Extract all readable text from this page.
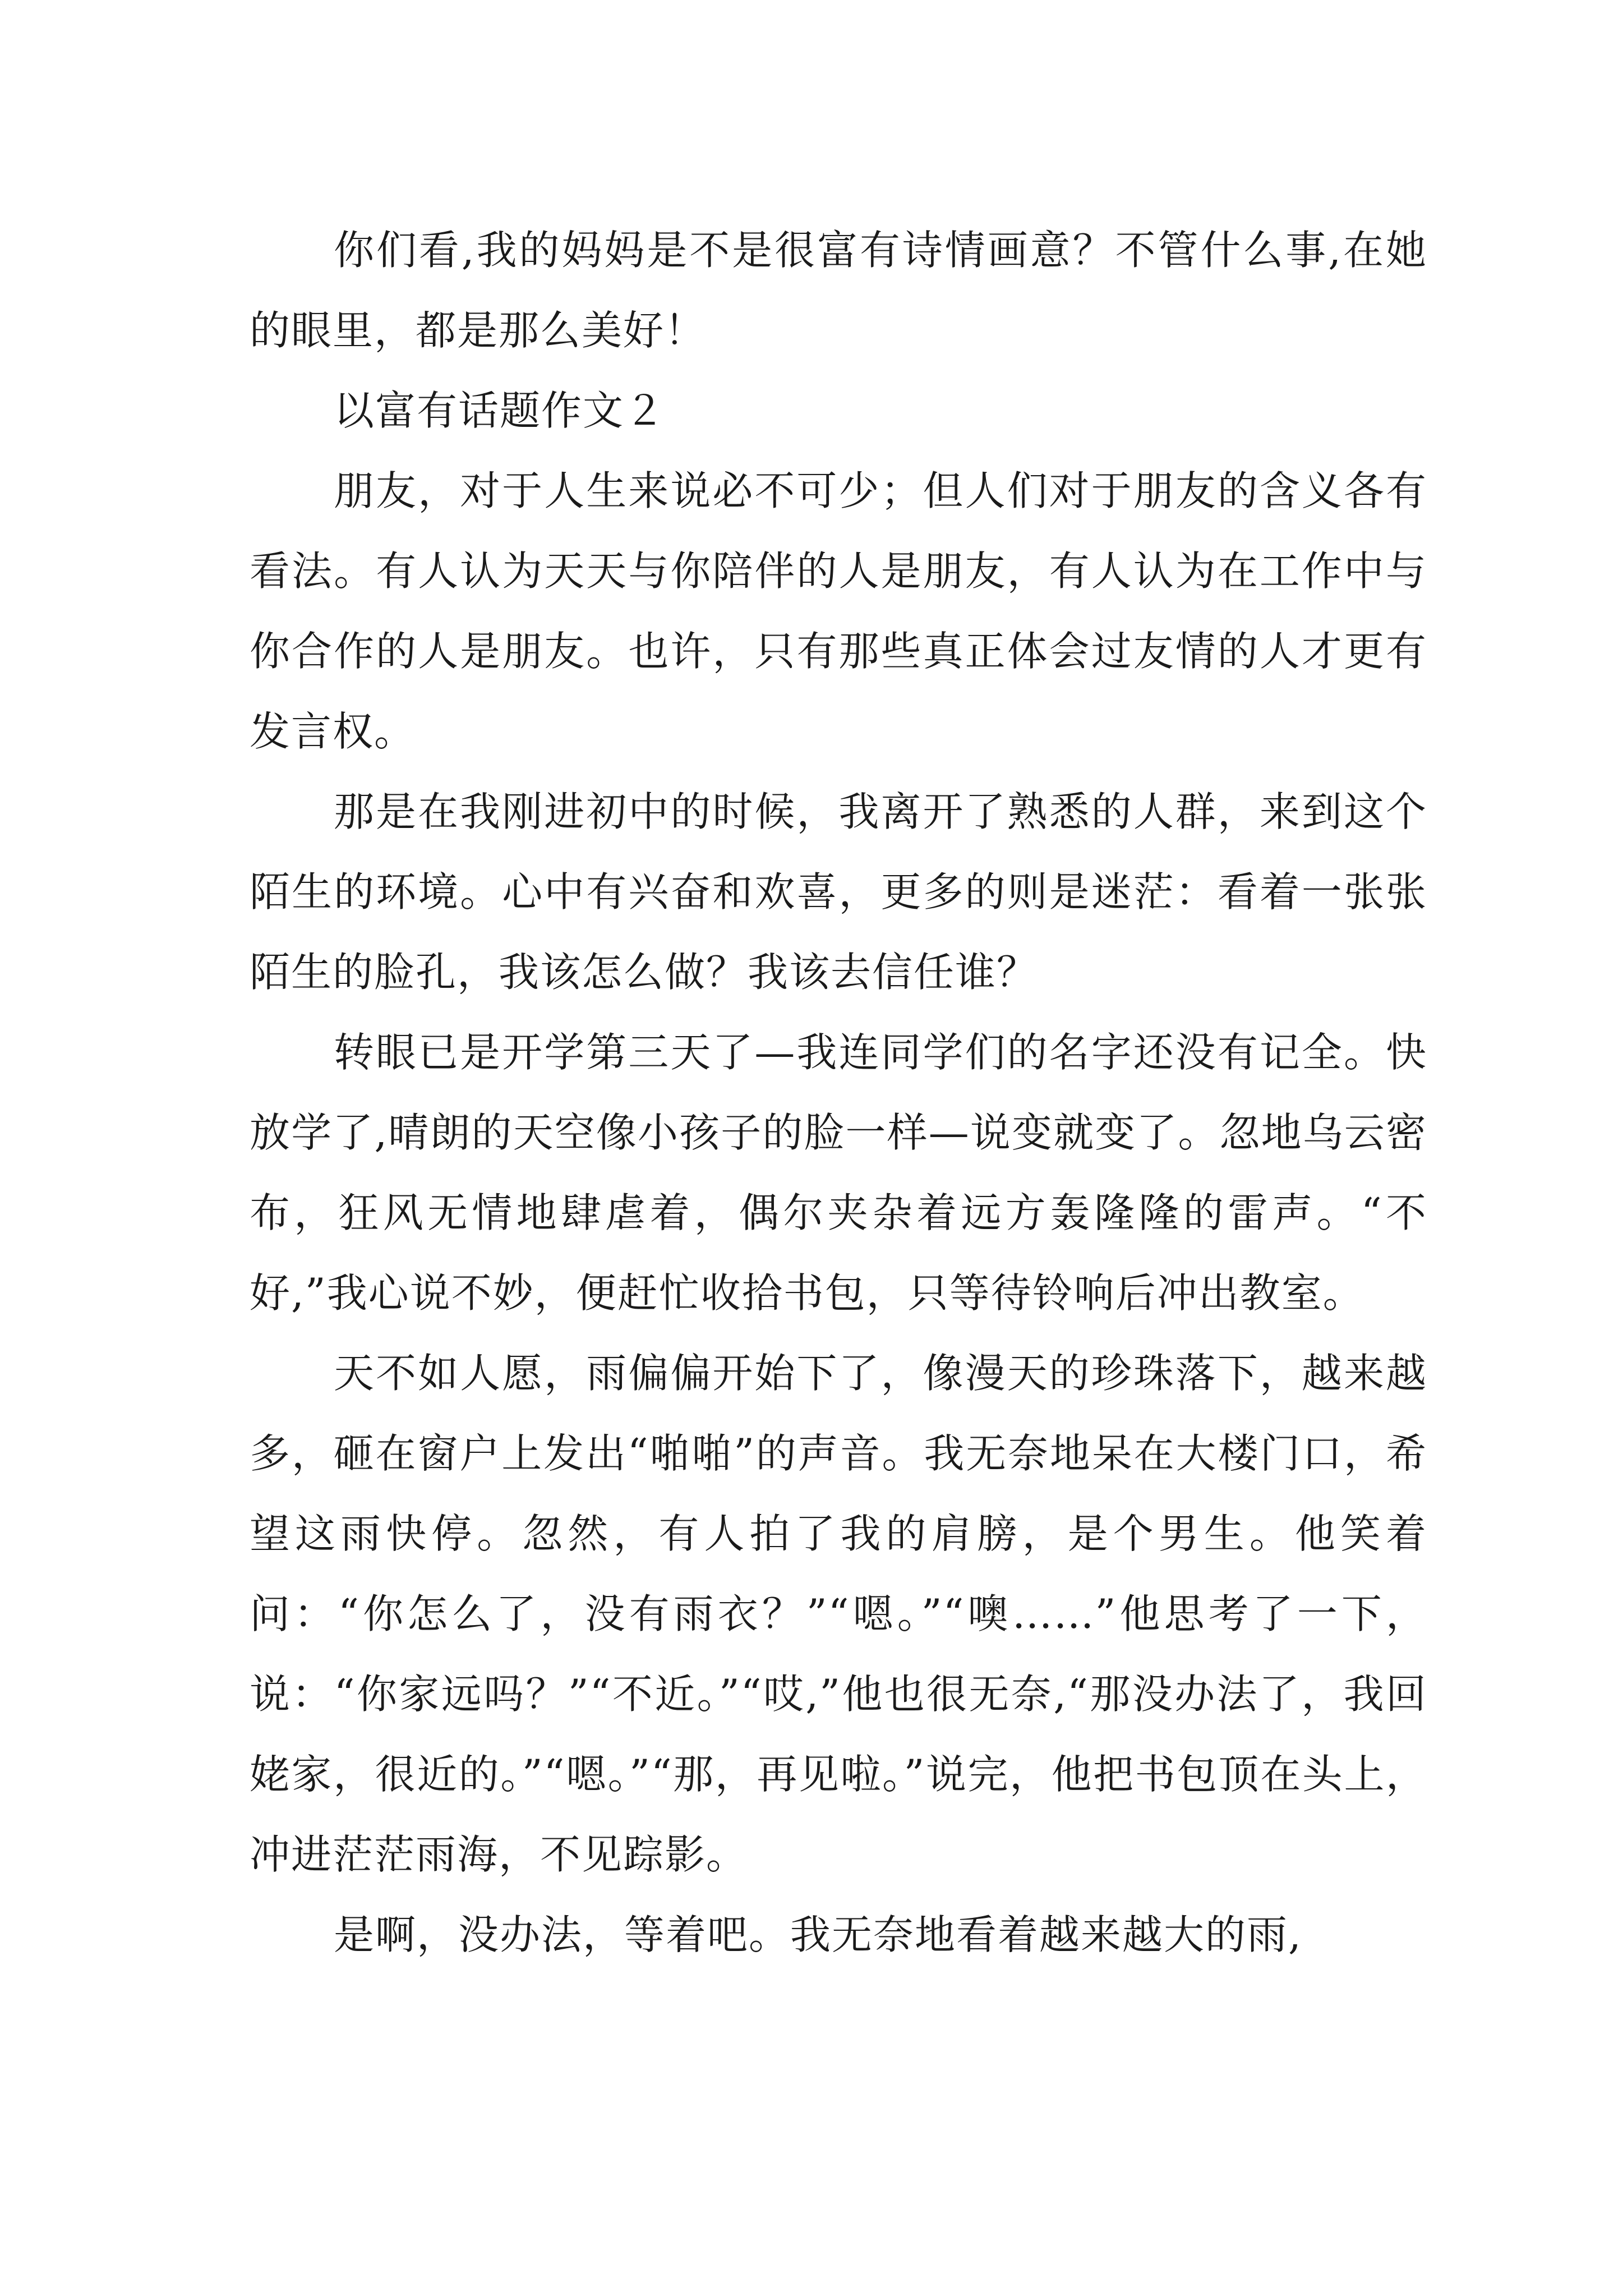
你们看,我的妈妈是不是很富有诗情画意？不管什么事,在她的眼里，都是那么美好！

以富有话题作文２

朋友，对于人生来说必不可少；但人们对于朋友的含义各有看法。有人认为天天与你陪伴的人是朋友，有人认为在工作中与你合作的人是朋友。也许，只有那些真正体会过友情的人才更有发言权。

那是在我刚进初中的时候，我离开了熟悉的人群，来到这个陌生的环境。心中有兴奋和欢喜，更多的则是迷茫：看着一张张陌生的脸孔，我该怎么做？我该去信任谁？

转眼已是开学第三天了—我连同学们的名字还没有记全。快放学了,晴朗的天空像小孩子的脸一样—说变就变了。忽地乌云密布，狂风无情地肆虐着，偶尔夹杂着远方轰隆隆的雷声。“不好,”我心说不妙，便赶忙收拾书包，只等待铃响后冲出教室。

天不如人愿，雨偏偏开始下了，像漫天的珍珠落下，越来越多，砸在窗户上发出“啪啪”的声音。我无奈地呆在大楼门口，希望这雨快停。忽然，有人拍了我的肩膀，是个男生。他笑着问：“你怎么了，没有雨衣？”“嗯。”“噢……”他思考了一下，说：“你家远吗？”“不近。”“哎,”他也很无奈,“那没办法了，我回姥家，很近的。”“嗯。”“那，再见啦。”说完，他把书包顶在头上，冲进茫茫雨海，不见踪影。

是啊，没办法，等着吧。我无奈地看着越来越大的雨,
